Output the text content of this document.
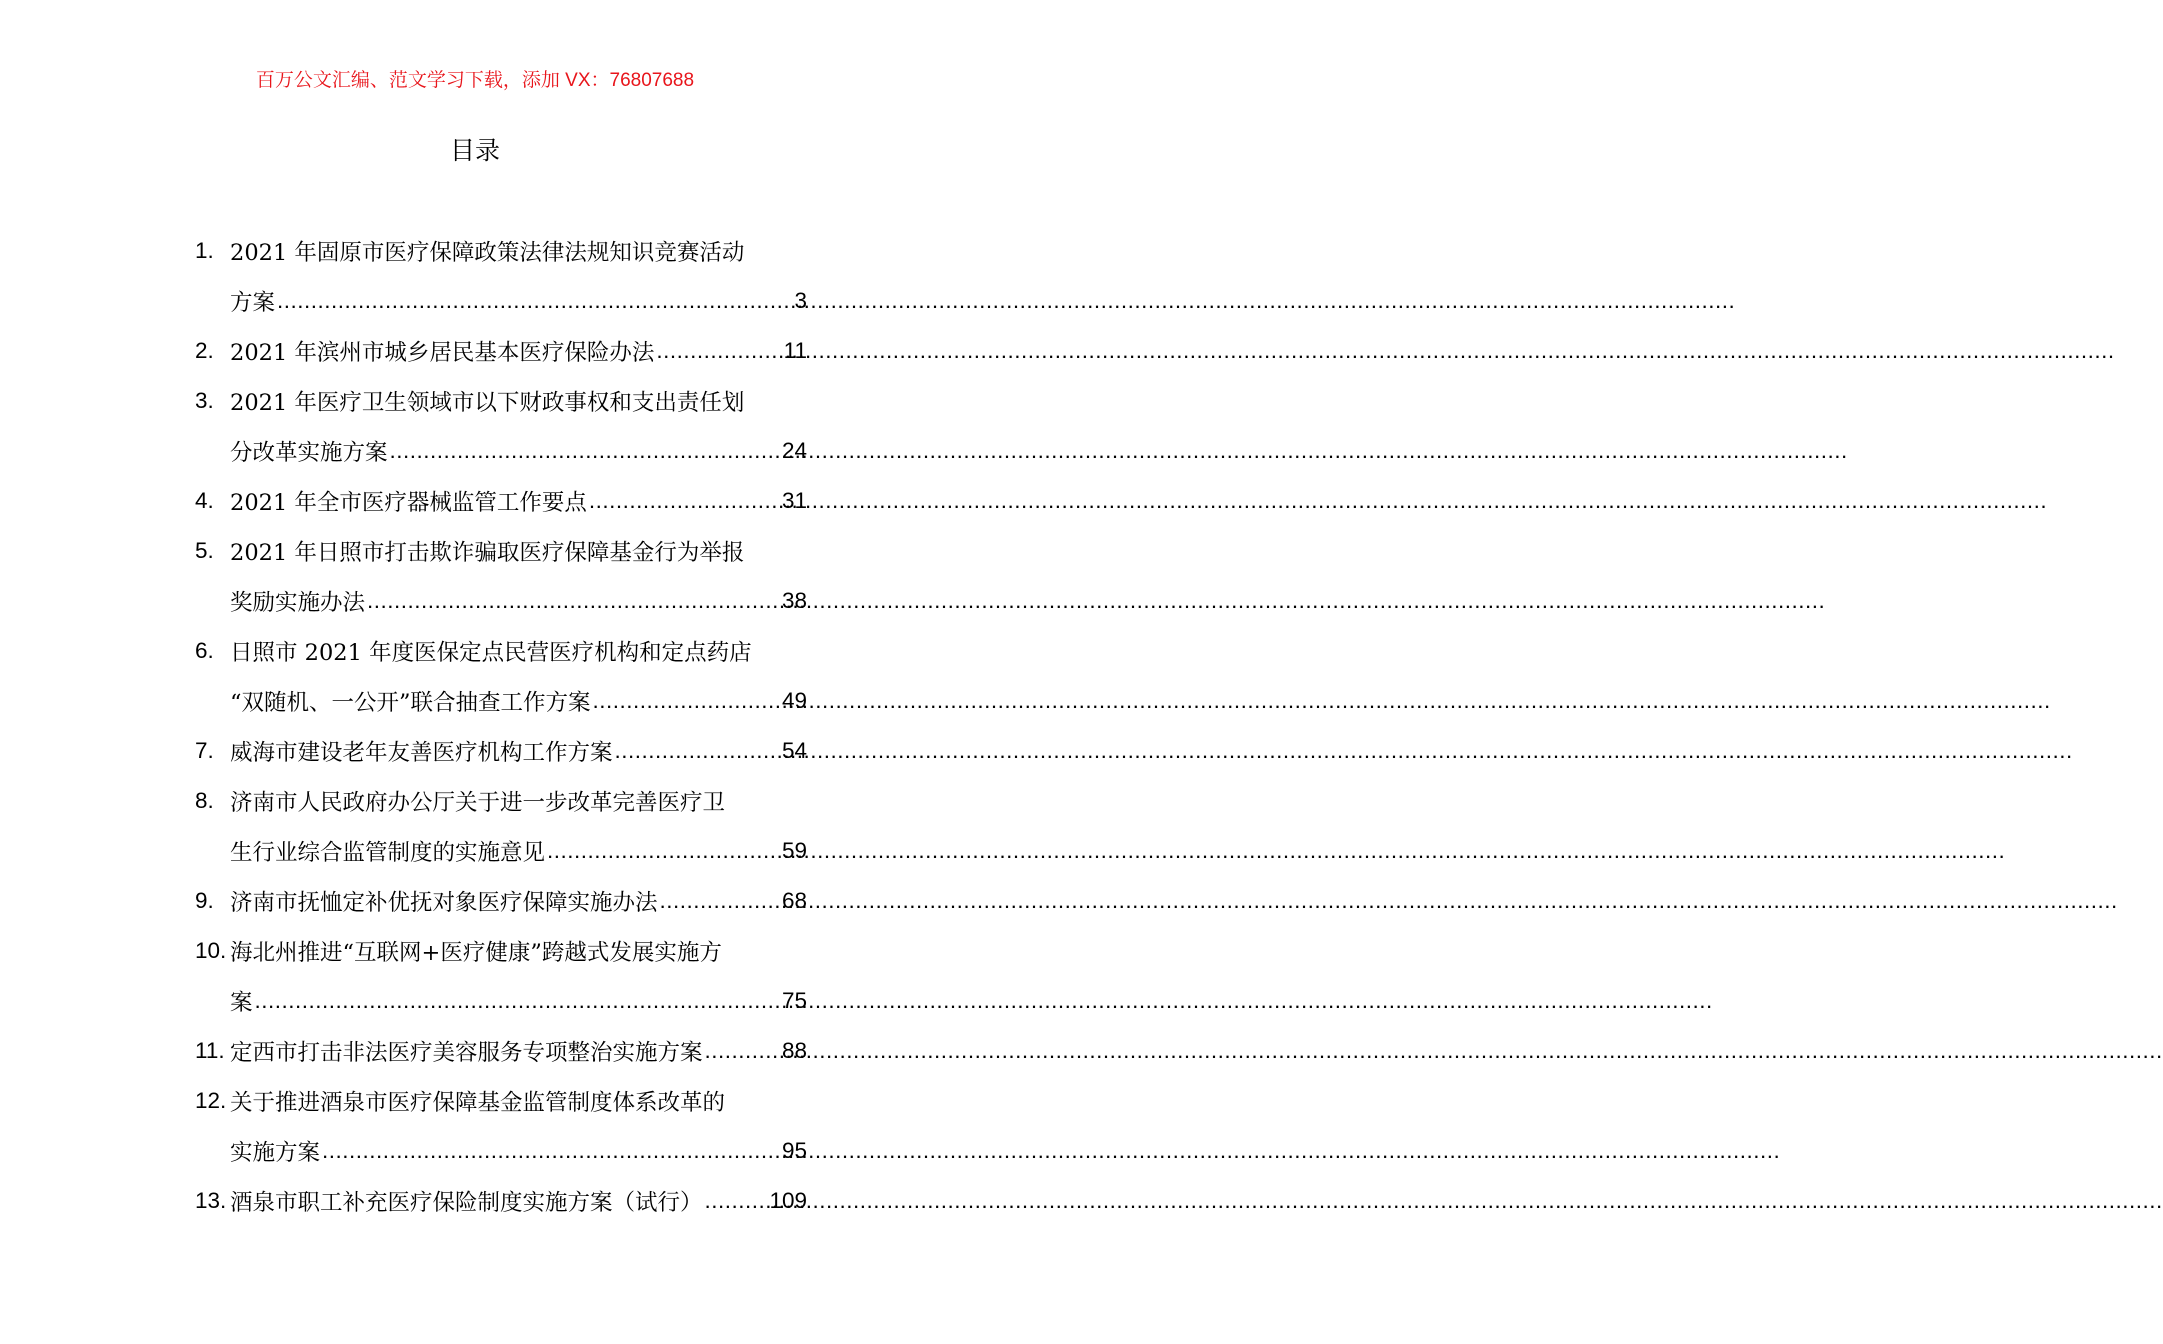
百万公文汇编、范文学习下载，添加 VX：76807688
目录
1. 2021 年固原市医疗保障政策法律法规知识竞赛活动
方案 .....	3
2. 2021 年滨州市城乡居民基本医疗保险办法 .....	11
3. 2021 年医疗卫生领域市以下财政事权和支出责任划
分改革实施方案 .....	24
4. 2021 年全市医疗器械监管工作要点 .....	31
5. 2021 年日照市打击欺诈骗取医疗保障基金行为举报
奖励实施办法 .....	38
6. 日照市 2021 年度医保定点民营医疗机构和定点药店
“双随机、一公开”联合抽查工作方案 .....	49
7. 威海市建设老年友善医疗机构工作方案 .....	54
8. 济南市人民政府办公厅关于进一步改革完善医疗卫
生行业综合监管制度的实施意见 .....	59
9. 济南市抚恤定补优抚对象医疗保障实施办法 .....	68
10. 海北州推进“互联网+医疗健康”跨越式发展实施方
案 .....	75
11. 定西市打击非法医疗美容服务专项整治实施方案 .....	88
12. 关于推进酒泉市医疗保障基金监管制度体系改革的
实施方案 .....	95
13. 酒泉市职工补充医疗保险制度实施方案（试行） .....	109
